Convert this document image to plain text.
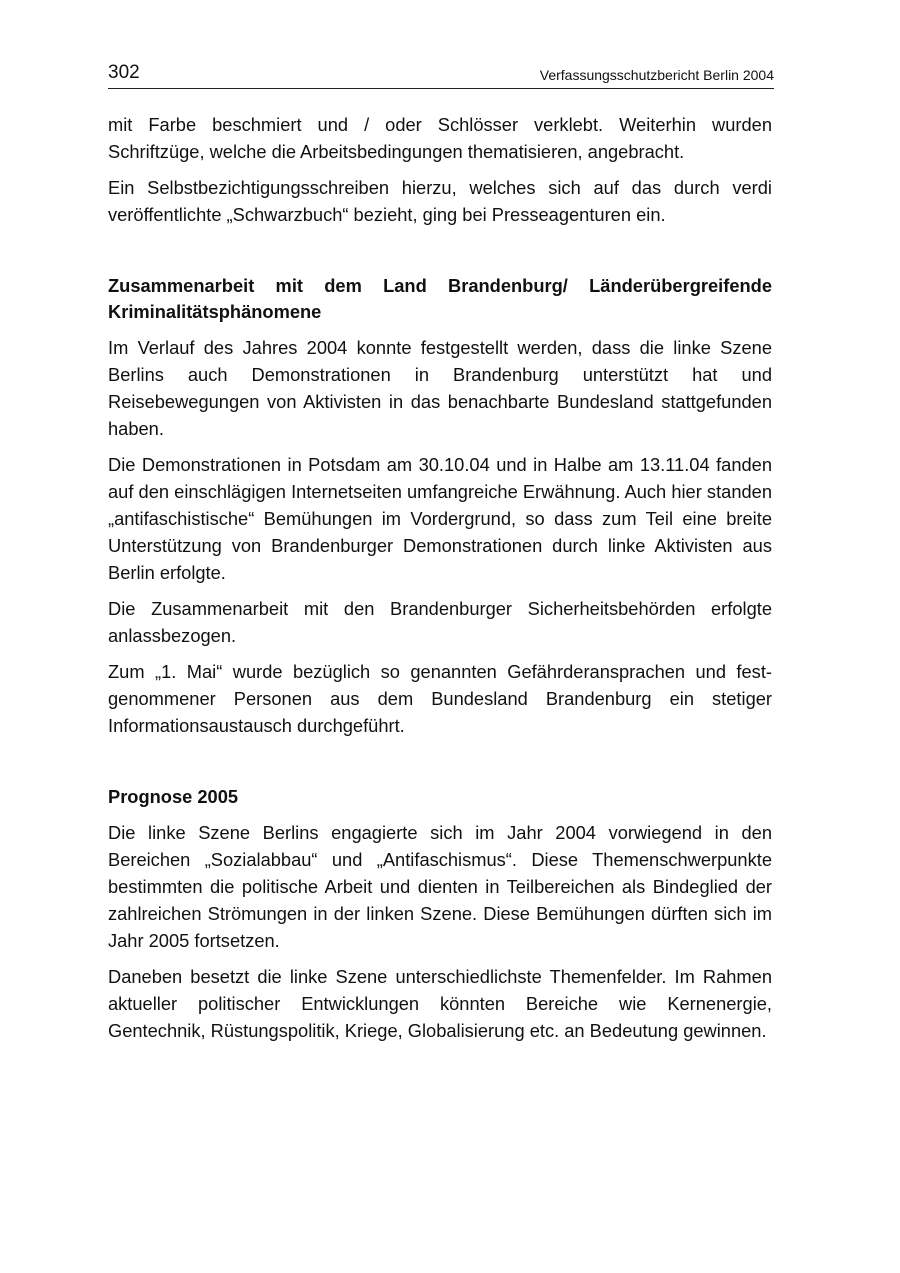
302	Verfassungsschutzbericht Berlin 2004

mit Farbe beschmiert und / oder Schlösser verklebt. Weiterhin wurden Schriftzüge, welche die Arbeitsbedingungen thematisieren, angebracht.

Ein Selbstbezichtigungsschreiben hierzu, welches sich auf das durch verdi veröffentlichte „Schwarzbuch“ bezieht, ging bei Presseagenturen ein.

Zusammenarbeit mit dem Land Brandenburg/ Länderübergreifende Kriminalitätsphänomene

Im Verlauf des Jahres 2004 konnte festgestellt werden, dass die linke Szene Berlins auch Demonstrationen in Brandenburg unterstützt hat und Reisebewegungen von Aktivisten in das benachbarte Bundesland stattgefunden haben.

Die Demonstrationen in Potsdam am 30.10.04 und in Halbe am 13.11.04 fanden auf den einschlägigen Internetseiten umfangreiche Erwähnung. Auch hier standen „antifaschistische“ Bemühungen im Vordergrund, so dass zum Teil eine breite Unterstützung von Brandenburger Demonstrationen durch linke Aktivisten aus Berlin erfolgte.

Die Zusammenarbeit mit den Brandenburger Sicherheitsbehörden erfolgte anlassbezogen.

Zum „1. Mai“ wurde bezüglich so genannten Gefährderansprachen und festgenommener Personen aus dem Bundesland Brandenburg ein stetiger Informationsaustausch durchgeführt.

Prognose 2005

Die linke Szene Berlins engagierte sich im Jahr 2004 vorwiegend in den Bereichen „Sozialabbau“ und „Antifaschismus“. Diese Themenschwerpunkte bestimmten die politische Arbeit und dienten in Teilbereichen als Bindeglied der zahlreichen Strömungen in der linken Szene. Diese Bemühungen dürften sich im Jahr 2005 fortsetzen.

Daneben besetzt die linke Szene unterschiedlichste Themenfelder. Im Rahmen aktueller politischer Entwicklungen könnten Bereiche wie Kernenergie, Gentechnik, Rüstungspolitik, Kriege, Globalisierung etc. an Bedeutung gewinnen.
